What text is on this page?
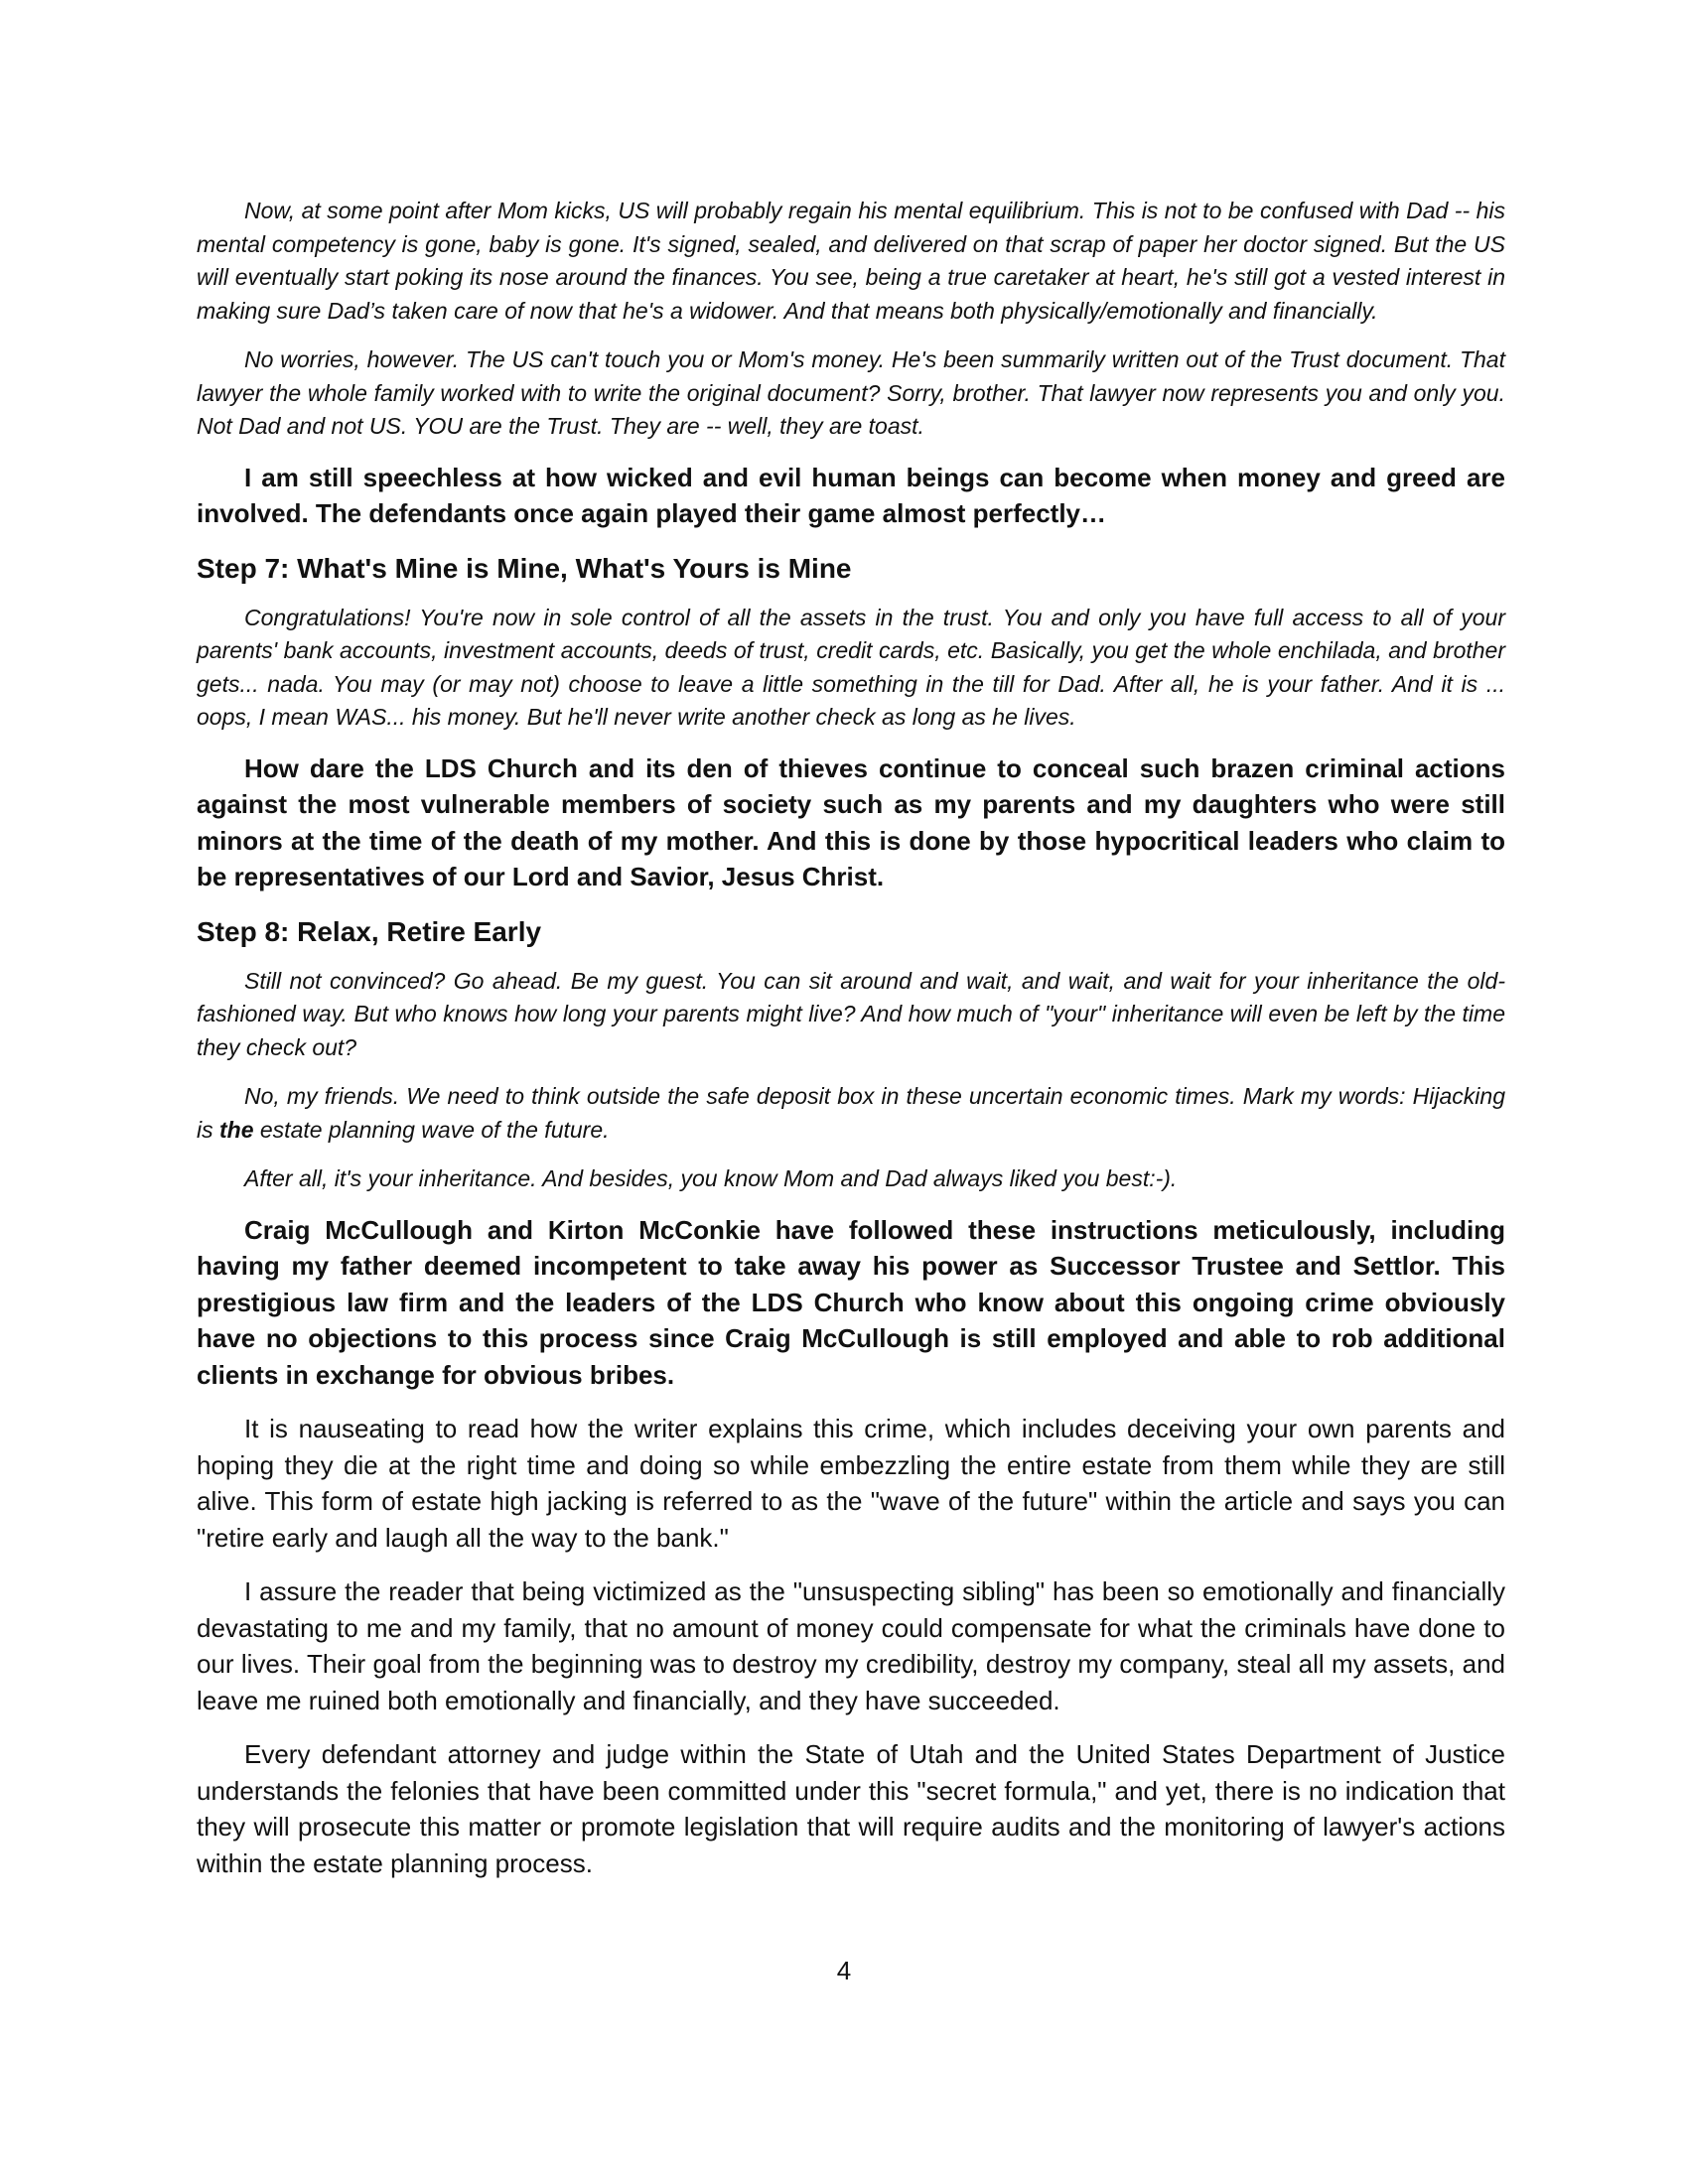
Now, at some point after Mom kicks, US will probably regain his mental equilibrium. This is not to be confused with Dad -- his mental competency is gone, baby is gone. It's signed, sealed, and delivered on that scrap of paper her doctor signed. But the US will eventually start poking its nose around the finances. You see, being a true caretaker at heart, he's still got a vested interest in making sure Dad’s taken care of now that he's a widower. And that means both physically/emotionally and financially.

No worries, however. The US can't touch you or Mom's money. He's been summarily written out of the Trust document. That lawyer the whole family worked with to write the original document? Sorry, brother. That lawyer now represents you and only you. Not Dad and not US. YOU are the Trust. They are -- well, they are toast.

I am still speechless at how wicked and evil human beings can become when money and greed are involved. The defendants once again played their game almost perfectly…

Step 7: What's Mine is Mine, What's Yours is Mine

Congratulations! You're now in sole control of all the assets in the trust. You and only you have full access to all of your parents' bank accounts, investment accounts, deeds of trust, credit cards, etc. Basically, you get the whole enchilada, and brother gets... nada. You may (or may not) choose to leave a little something in the till for Dad. After all, he is your father. And it is ... oops, I mean WAS... his money. But he'll never write another check as long as he lives.

How dare the LDS Church and its den of thieves continue to conceal such brazen criminal actions against the most vulnerable members of society such as my parents and my daughters who were still minors at the time of the death of my mother. And this is done by those hypocritical leaders who claim to be representatives of our Lord and Savior, Jesus Christ.

Step 8: Relax, Retire Early

Still not convinced? Go ahead. Be my guest. You can sit around and wait, and wait, and wait for your inheritance the old-fashioned way. But who knows how long your parents might live? And how much of "your" inheritance will even be left by the time they check out?

No, my friends. We need to think outside the safe deposit box in these uncertain economic times. Mark my words: Hijacking is the estate planning wave of the future.

After all, it's your inheritance. And besides, you know Mom and Dad always liked you best:-).

Craig McCullough and Kirton McConkie have followed these instructions meticulously, including having my father deemed incompetent to take away his power as Successor Trustee and Settlor. This prestigious law firm and the leaders of the LDS Church who know about this ongoing crime obviously have no objections to this process since Craig McCullough is still employed and able to rob additional clients in exchange for obvious bribes.

It is nauseating to read how the writer explains this crime, which includes deceiving your own parents and hoping they die at the right time and doing so while embezzling the entire estate from them while they are still alive. This form of estate high jacking is referred to as the "wave of the future" within the article and says you can "retire early and laugh all the way to the bank."

I assure the reader that being victimized as the "unsuspecting sibling" has been so emotionally and financially devastating to me and my family, that no amount of money could compensate for what the criminals have done to our lives. Their goal from the beginning was to destroy my credibility, destroy my company, steal all my assets, and leave me ruined both emotionally and financially, and they have succeeded.

Every defendant attorney and judge within the State of Utah and the United States Department of Justice understands the felonies that have been committed under this "secret formula," and yet, there is no indication that they will prosecute this matter or promote legislation that will require audits and the monitoring of lawyer's actions within the estate planning process.

4
